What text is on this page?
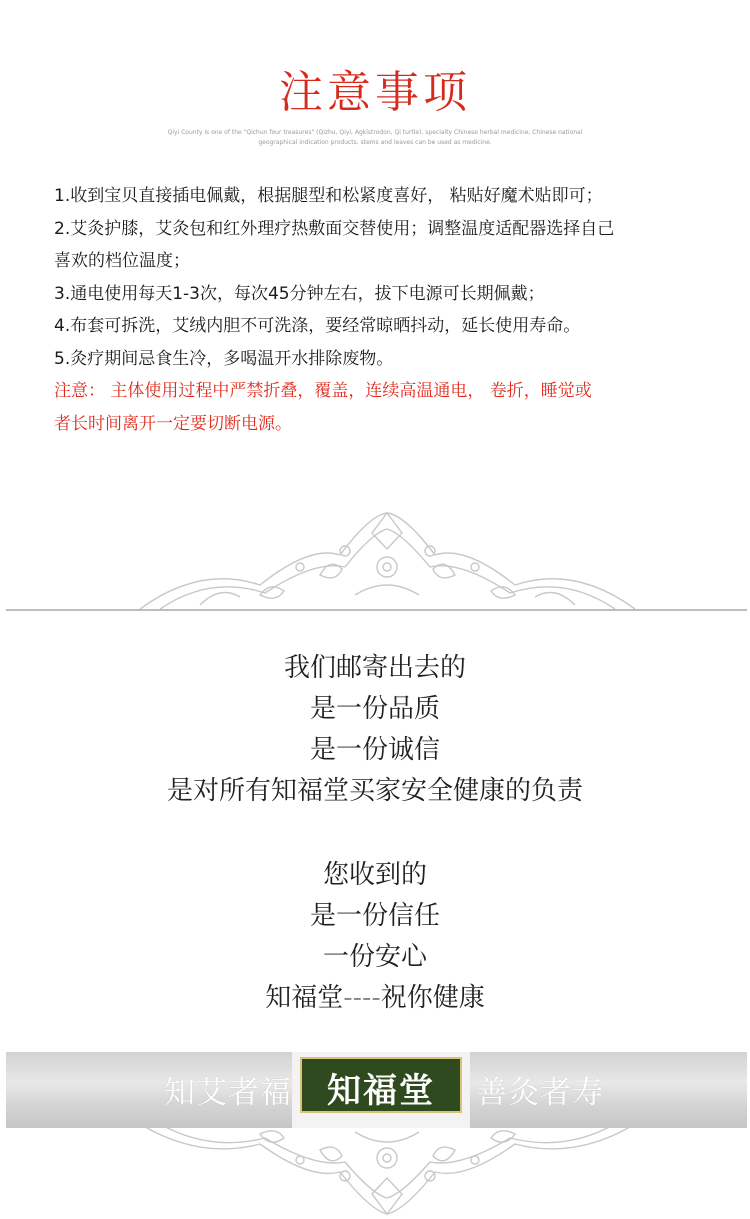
注意事项

Qiyi County is one of the "Qichun four treasures" (Qizhu, Qiyi, Agkistrodon, Qi turtle), specialty Chinese herbal medicine, Chinese national geographical indication products, stems and leaves can be used as medicine.

1.收到宝贝直接插电佩戴，根据腿型和松紧度喜好， 粘贴好魔术贴即可；

2.艾灸护膝，艾灸包和红外理疗热敷面交替使用；调整温度适配器选择自己

喜欢的档位温度；

3.通电使用每天1-3次，每次45分钟左右，拔下电源可长期佩戴；

4.布套可拆洗，艾绒内胆不可洗涤，要经常晾晒抖动，延长使用寿命。

5.灸疗期间忌食生冷，多喝温开水排除废物。

注意： 主体使用过程中严禁折叠，覆盖，连续高温通电， 卷折，睡觉或

者长时间离开一定要切断电源。

我们邮寄出去的

是一份品质

是一份诚信

是对所有知福堂买家安全健康的负责

您收到的

是一份信任

一份安心

知福堂----祝你健康

知艾者福	知福堂	善灸者寿
